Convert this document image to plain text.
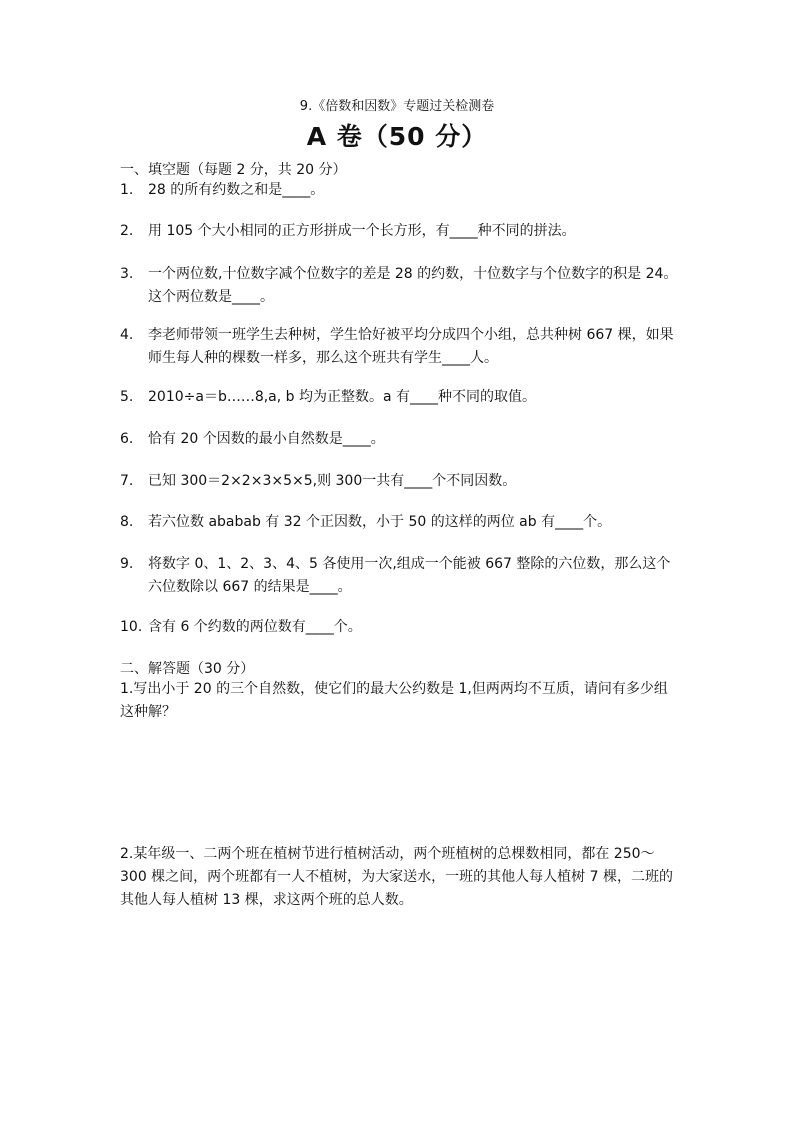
9.《倍数和因数》专题过关检测卷
A 卷（50 分）
一、填空题（每题 2 分，共 20 分）
1. 28 的所有约数之和是____。
2. 用 105 个大小相同的正方形拼成一个长方形，有____种不同的拼法。
3. 一个两位数,十位数字减个位数字的差是 28 的约数，十位数字与个位数字的积是 24。这个两位数是____。
4. 李老师带领一班学生去种树，学生恰好被平均分成四个小组，总共种树 667 棵，如果师生每人种的棵数一样多，那么这个班共有学生____人。
5. 2010÷a＝b……8,a, b 均为正整数。a 有____种不同的取值。
6. 恰有 20 个因数的最小自然数是____。
7. 已知 300＝2×2×3×5×5,则 300一共有____个不同因数。
8. 若六位数 ababab 有 32 个正因数，小于 50 的这样的两位 ab 有____个。
9. 将数字 0、1、2、3、4、5 各使用一次,组成一个能被 667 整除的六位数，那么这个六位数除以 667 的结果是____。
10. 含有 6 个约数的两位数有____个。
二、解答题（30 分）
1.写出小于 20 的三个自然数，使它们的最大公约数是 1,但两两均不互质，请问有多少组这种解？
2.某年级一、二两个班在植树节进行植树活动，两个班植树的总棵数相同，都在 250～300 棵之间，两个班都有一人不植树，为大家送水，一班的其他人每人植树 7 棵，二班的其他人每人植树 13 棵，求这两个班的总人数。
